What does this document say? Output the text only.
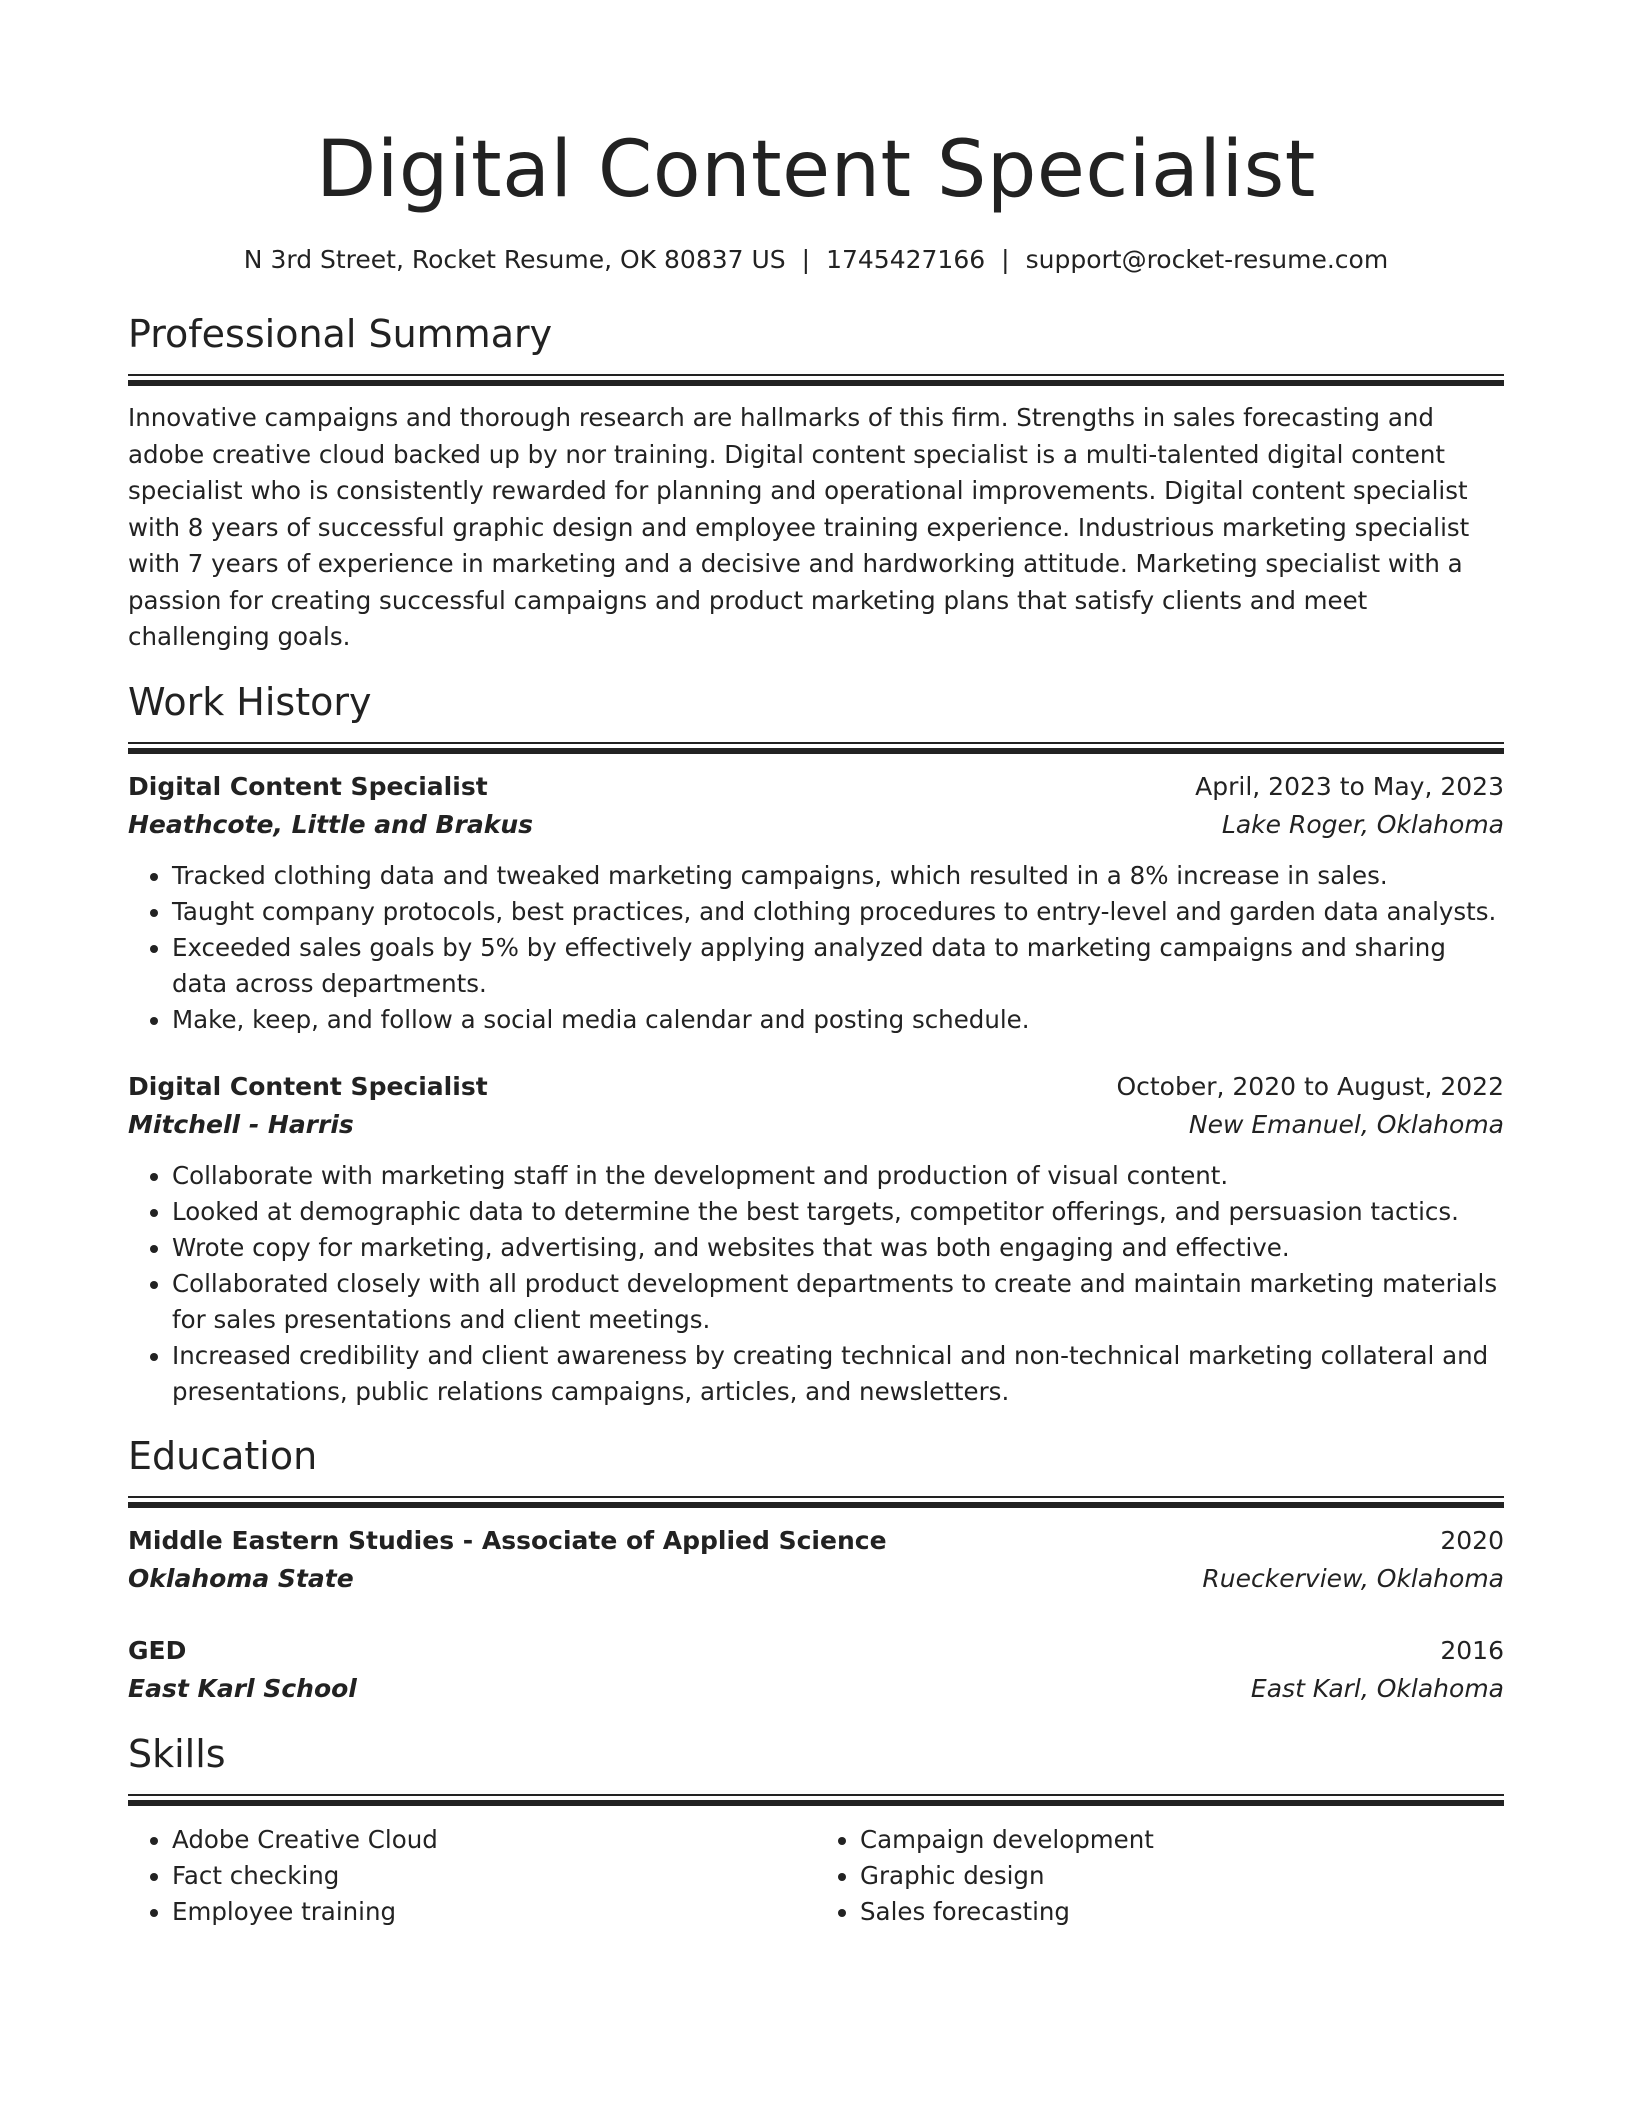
Digital Content Specialist
N 3rd Street, Rocket Resume, OK 80837 US | 1745427166 | support@rocket-resume.com
Professional Summary

Innovative campaigns and thorough research are hallmarks of this firm. Strengths in sales forecasting and adobe creative cloud backed up by nor training. Digital content specialist is a multi-talented digital content specialist who is consistently rewarded for planning and operational improvements. Digital content specialist with 8 years of successful graphic design and employee training experience. Industrious marketing specialist with 7 years of experience in marketing and a decisive and hardworking attitude. Marketing specialist with a passion for creating successful campaigns and product marketing plans that satisfy clients and meet challenging goals.

Work History
Digital Content Specialist	April, 2023 to May, 2023
Heathcote, Little and Brakus	Lake Roger, Oklahoma
• Tracked clothing data and tweaked marketing campaigns, which resulted in a 8% increase in sales.
• Taught company protocols, best practices, and clothing procedures to entry-level and garden data analysts.
• Exceeded sales goals by 5% by effectively applying analyzed data to marketing campaigns and sharing data across departments.
• Make, keep, and follow a social media calendar and posting schedule.
Digital Content Specialist	October, 2020 to August, 2022
Mitchell - Harris	New Emanuel, Oklahoma
• Collaborate with marketing staff in the development and production of visual content.
• Looked at demographic data to determine the best targets, competitor offerings, and persuasion tactics.
• Wrote copy for marketing, advertising, and websites that was both engaging and effective.
• Collaborated closely with all product development departments to create and maintain marketing materials for sales presentations and client meetings.
• Increased credibility and client awareness by creating technical and non-technical marketing collateral and presentations, public relations campaigns, articles, and newsletters.
Education
Middle Eastern Studies - Associate of Applied Science	2020
Oklahoma State	Rueckerview, Oklahoma
GED	2016
East Karl School	East Karl, Oklahoma
Skills
• Adobe Creative Cloud
• Fact checking
• Employee training
• Campaign development
• Graphic design
• Sales forecasting
